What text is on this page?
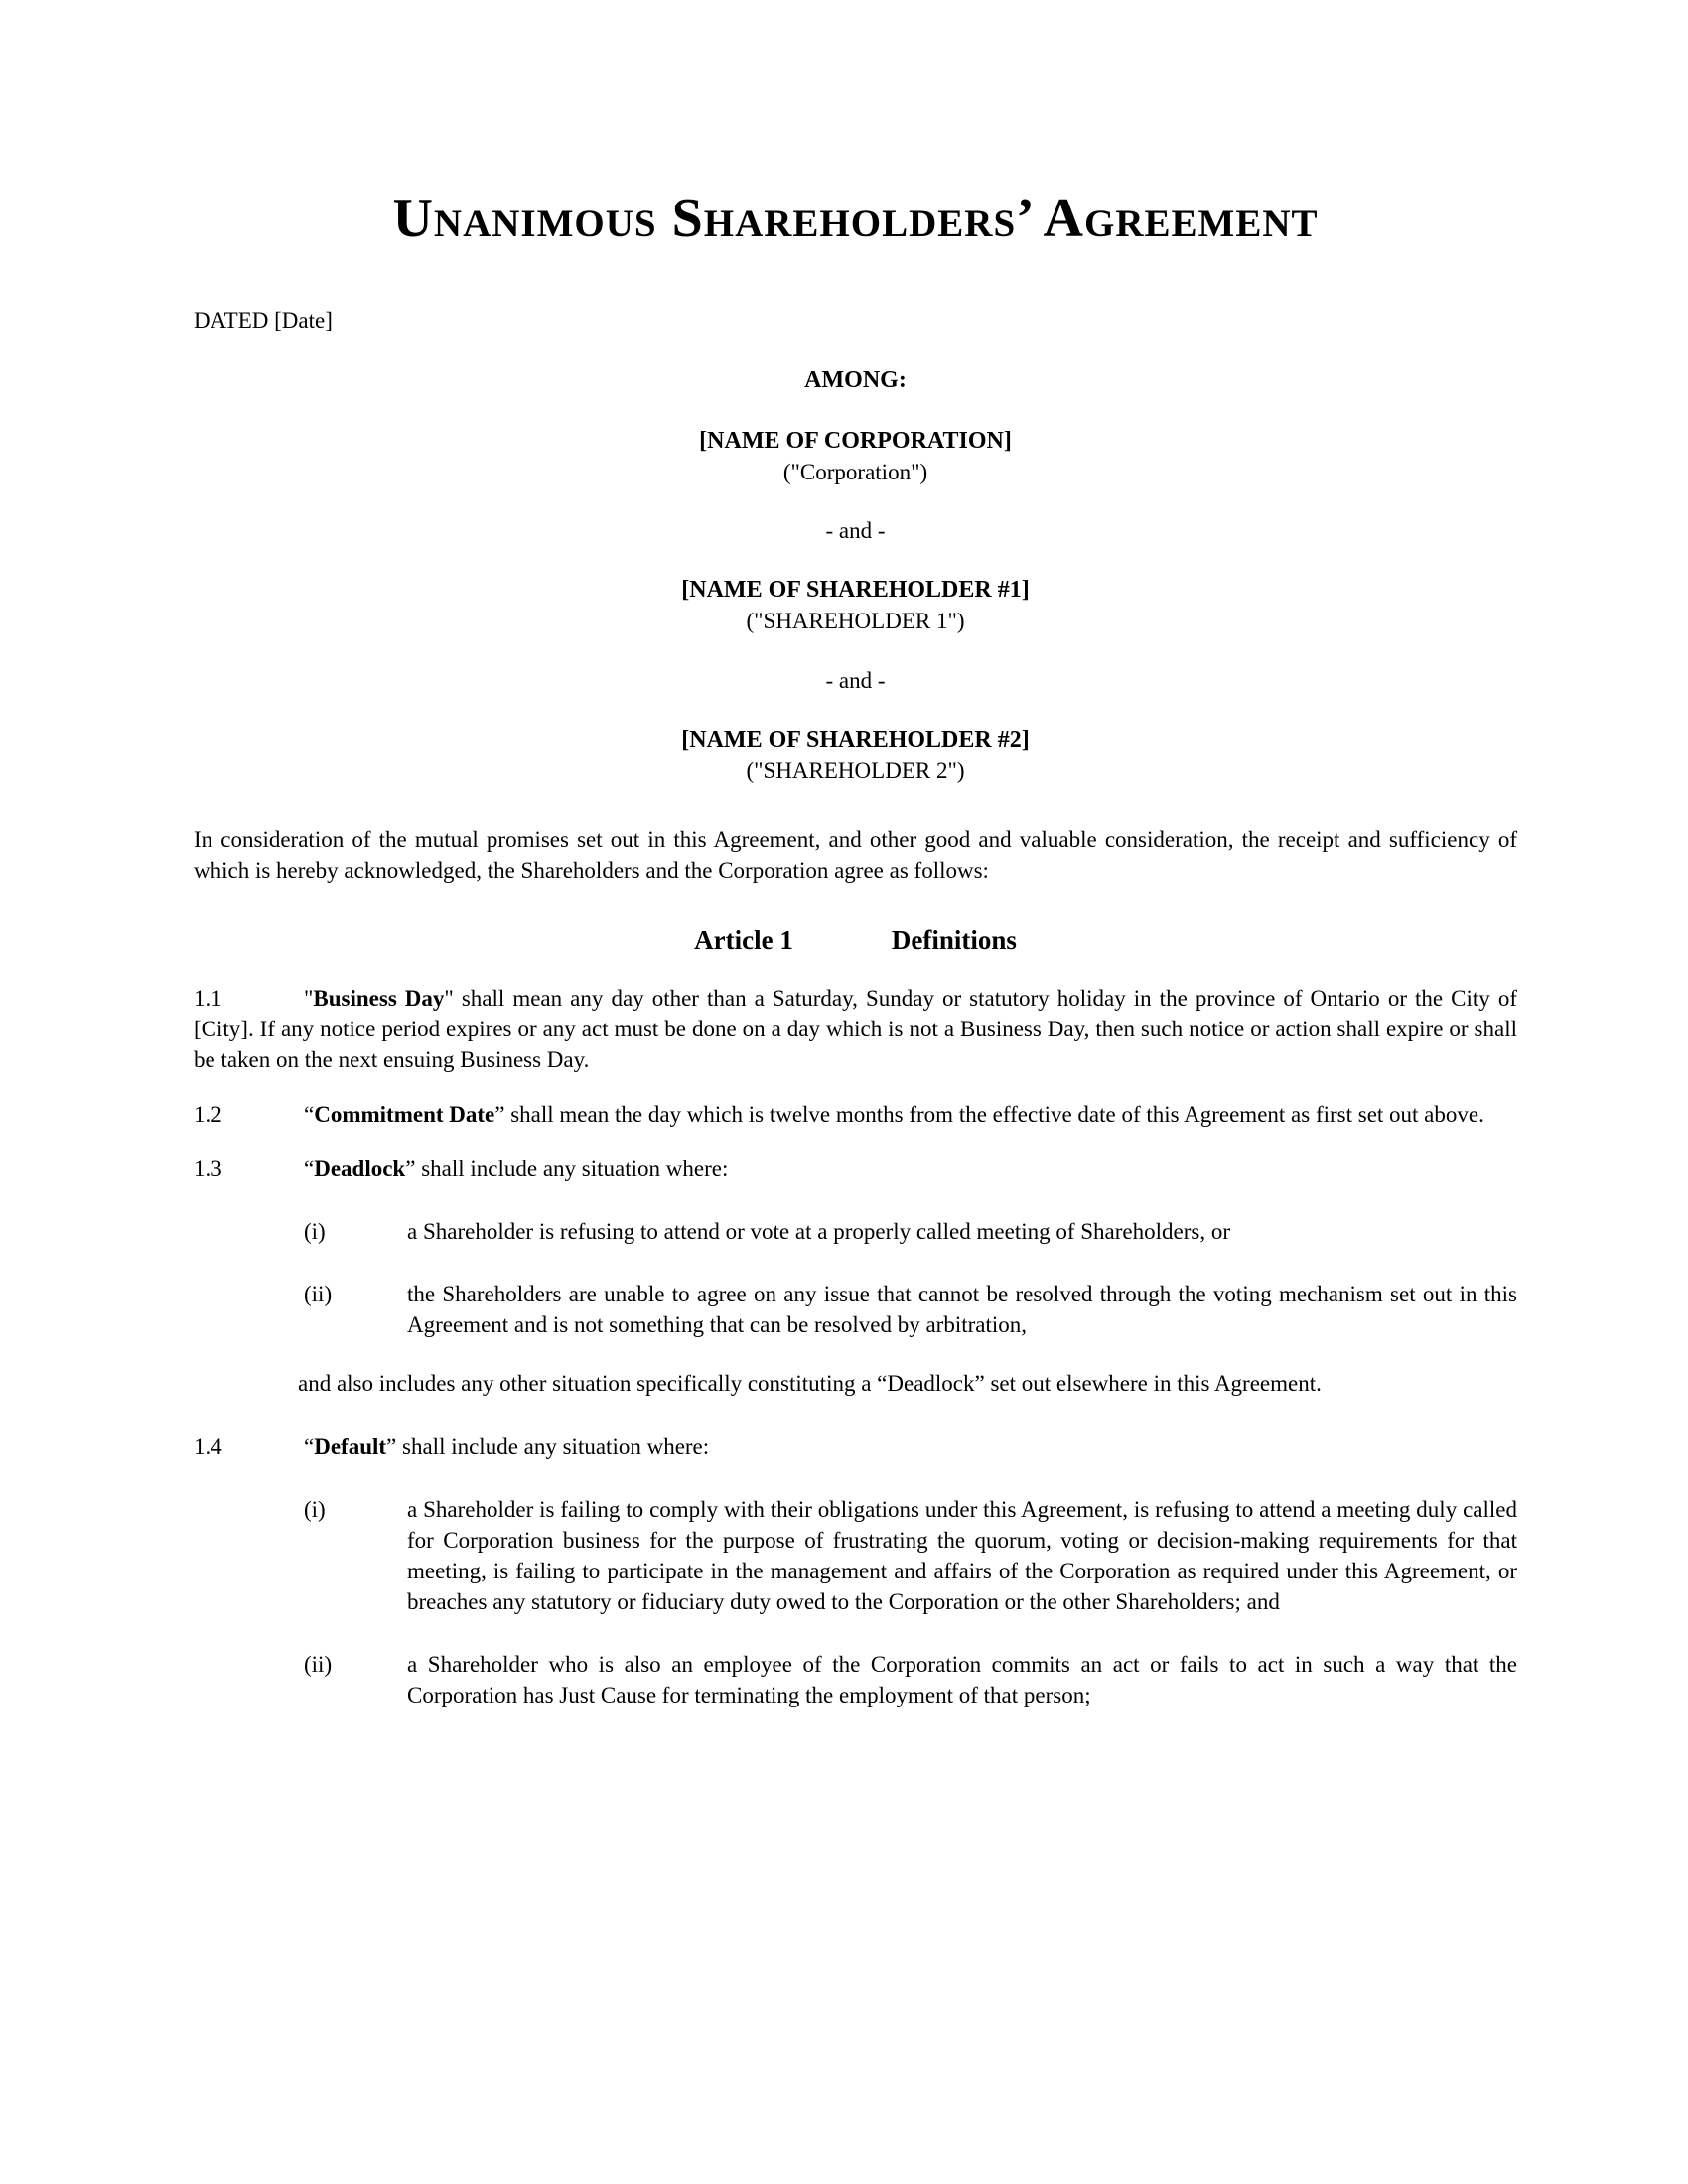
Unanimous Shareholders’ Agreement
DATED [Date]
AMONG:
[NAME OF CORPORATION]
("Corporation")
- and -
[NAME OF SHAREHOLDER #1]
("SHAREHOLDER 1")
- and -
[NAME OF SHAREHOLDER #2]
("SHAREHOLDER 2")
In consideration of the mutual promises set out in this Agreement, and other good and valuable consideration, the receipt and sufficiency of which is hereby acknowledged, the Shareholders and the Corporation agree as follows:
Article 1	Definitions
1.1	"Business Day" shall mean any day other than a Saturday, Sunday or statutory holiday in the province of Ontario or the City of [City]. If any notice period expires or any act must be done on a day which is not a Business Day, then such notice or action shall expire or shall be taken on the next ensuing Business Day.
1.2	“Commitment Date” shall mean the day which is twelve months from the effective date of this Agreement as first set out above.
1.3	“Deadlock” shall include any situation where:
(i)	a Shareholder is refusing to attend or vote at a properly called meeting of Shareholders, or
(ii)	the Shareholders are unable to agree on any issue that cannot be resolved through the voting mechanism set out in this Agreement and is not something that can be resolved by arbitration,
and also includes any other situation specifically constituting a “Deadlock” set out elsewhere in this Agreement.
1.4	“Default” shall include any situation where:
(i)	a Shareholder is failing to comply with their obligations under this Agreement, is refusing to attend a meeting duly called for Corporation business for the purpose of frustrating the quorum, voting or decision-making requirements for that meeting, is failing to participate in the management and affairs of the Corporation as required under this Agreement, or breaches any statutory or fiduciary duty owed to the Corporation or the other Shareholders; and
(ii)	a Shareholder who is also an employee of the Corporation commits an act or fails to act in such a way that the Corporation has Just Cause for terminating the employment of that person;
